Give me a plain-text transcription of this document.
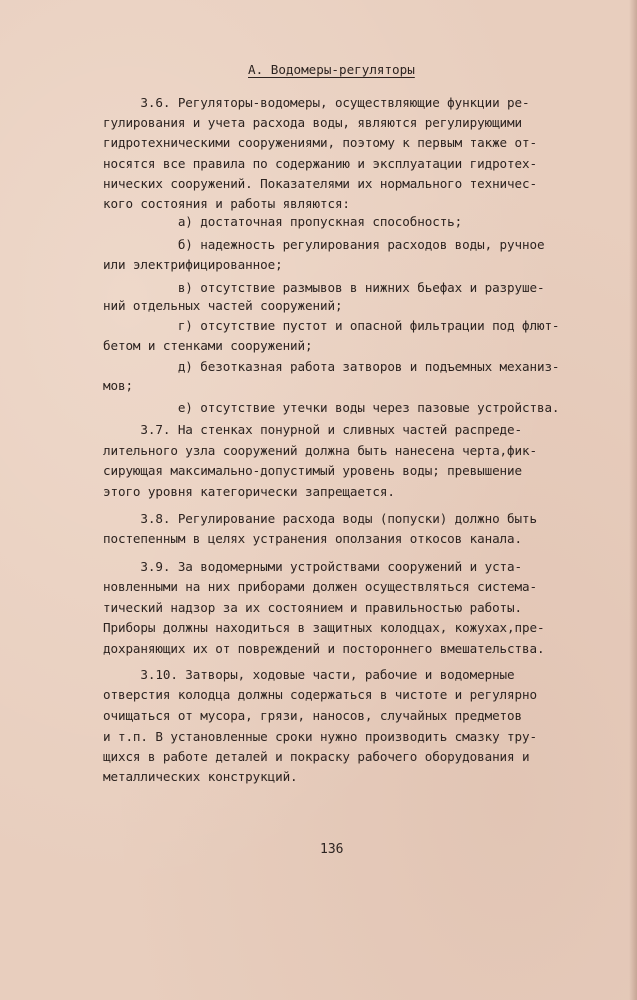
А. Водомеры-регуляторы
3.6. Регуляторы-водомеры, осуществляющие функции ре-
гулирования и учета расхода воды, являются регулирующими
гидротехническими сооружениями, поэтому к первым также от-
носятся все правила по содержанию и эксплуатации гидротех-
нических сооружений. Показателями их нормального техничес-
кого состояния и работы являются:
а) достаточная пропускная способность;
б) надежность регулирования расходов воды, ручное
или электрифицированное;
в) отсутствие размывов в нижних бьефах и разруше-
ний отдельных частей сооружений;
г) отсутствие пустот и опасной фильтрации под флют-
бетом и стенками сооружений;
д) безотказная работа затворов и подъемных механиз-
мов;
е) отсутствие утечки воды через пазовые устройства.
3.7. На стенках понурной и сливных частей распреде-
лительного узла сооружений должна быть нанесена черта,фик-
сирующая максимально-допустимый уровень воды; превышение
этого уровня категорически запрещается.
3.8. Регулирование расхода воды (попуски) должно быть
постепенным в целях устранения оползания откосов канала.
3.9. За водомерными устройствами сооружений и уста-
новленными на них приборами должен осуществляться система-
тический надзор за их состоянием и правильностью работы.
Приборы должны находиться в защитных колодцах, кожухах,пре-
дохраняющих их от повреждений и постороннего вмешательства.
3.10. Затворы, ходовые части, рабочие и водомерные
отверстия колодца должны содержаться в чистоте и регулярно
очищаться от мусора, грязи, наносов, случайных предметов
и т.п. В установленные сроки нужно производить смазку тру-
щихся в работе деталей и покраску рабочего оборудования и
металлических конструкций.
136
